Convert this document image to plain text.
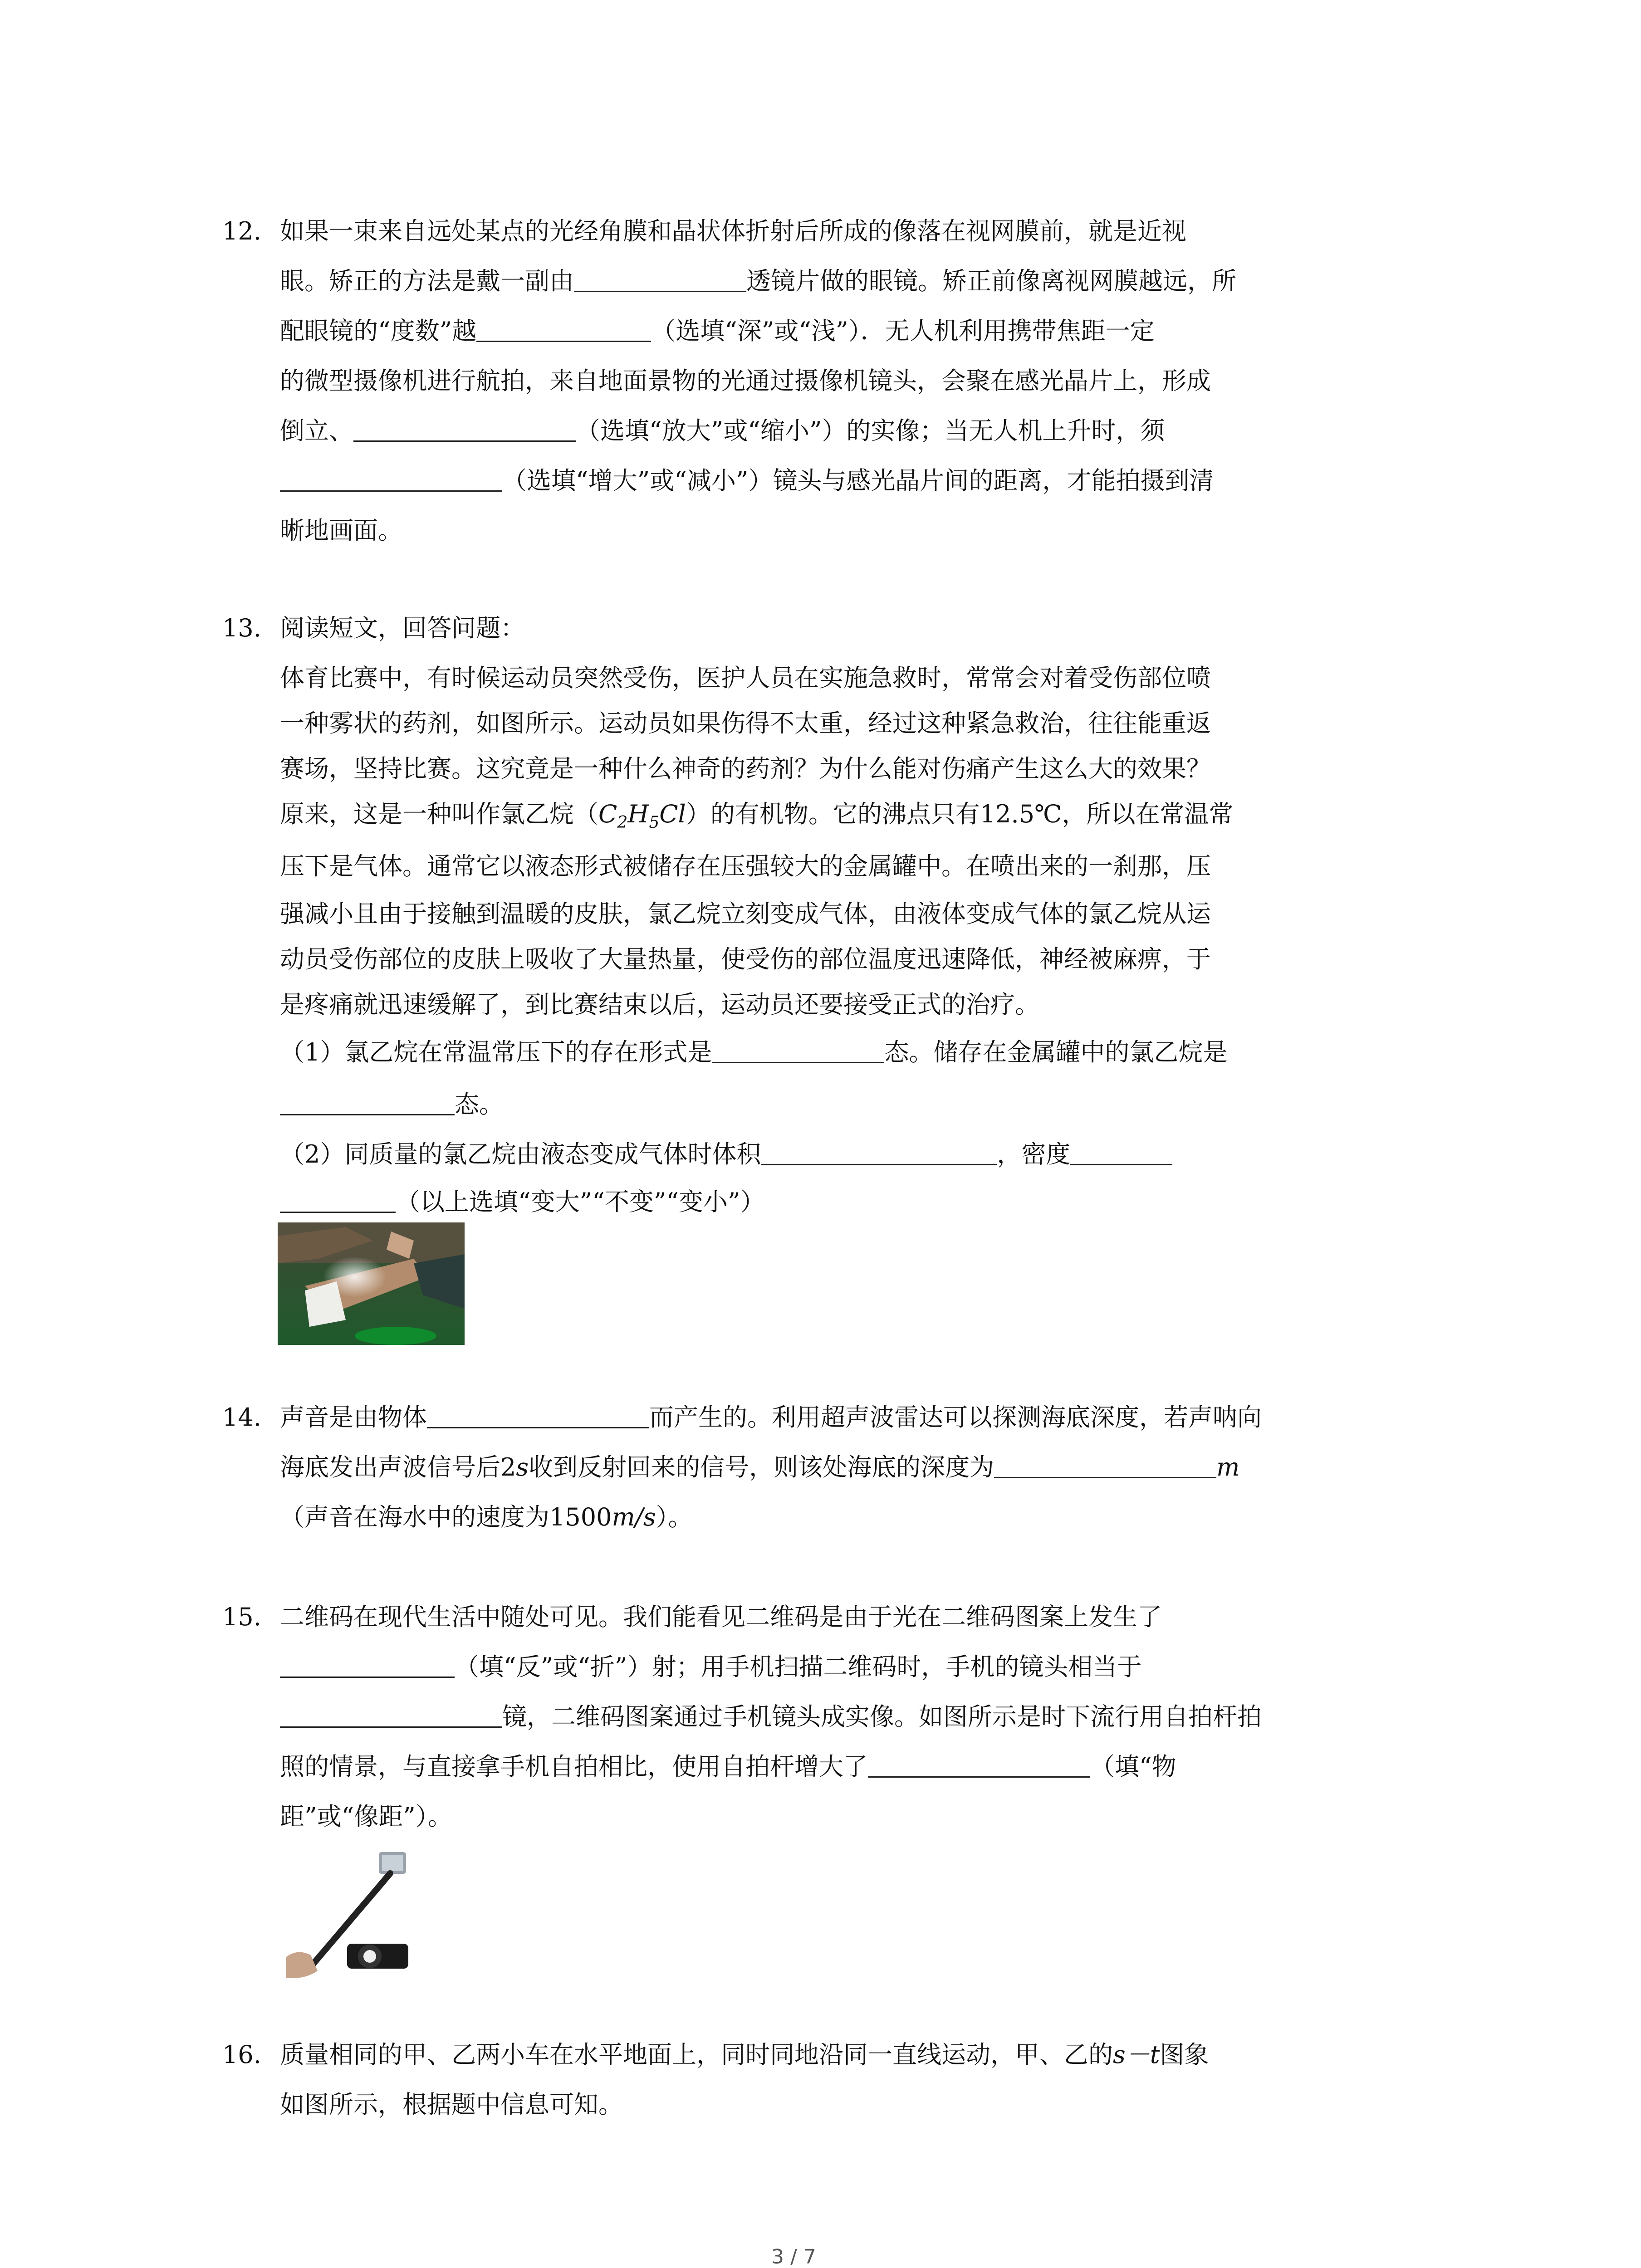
12. 如果一束来自远处某点的光经角膜和晶状体折射后所成的像落在视网膜前，就是近视
眼。矫正的方法是戴一副由	透镜片做的眼镜。矫正前像离视网膜越远，所
配眼镜的“度数”越	（选填“深”或“浅”）．无人机利用携带焦距一定
的微型摄像机进行航拍，来自地面景物的光通过摄像机镜头，会聚在感光晶片上，形成
倒立、	（选填“放大”或“缩小”）的实像；当无人机上升时，须
（选填“增大”或“减小”）镜头与感光晶片间的距离，才能拍摄到清
晰地画面。
13. 阅读短文，回答问题：
体育比赛中，有时候运动员突然受伤，医护人员在实施急救时，常常会对着受伤部位喷
一种雾状的药剂，如图所示。运动员如果伤得不太重，经过这种紧急救治，往往能重返
赛场，坚持比赛。这究竟是一种什么神奇的药剂？为什么能对伤痛产生这么大的效果？
原来，这是一种叫作氯乙烷$(C_2H_5Cl)$的有机物。它的沸点只有12.5℃，所以在常温常
压下是气体。通常它以液态形式被储存在压强较大的金属罐中。在喷出来的一刹那，压
强减小且由于接触到温暖的皮肤，氯乙烷立刻变成气体，由液体变成气体的氯乙烷从运
动员受伤部位的皮肤上吸收了大量热量，使受伤的部位温度迅速降低，神经被麻痹，于
是疼痛就迅速缓解了，到比赛结束以后，运动员还要接受正式的治疗。
（1）氯乙烷在常温常压下的存在形式是	态。储存在金属罐中的氯乙烷是
态。
（2）同质量的氯乙烷由液态变成气体时体积	，密度
（以上选填“变大”“不变”“变小”）
14. 声音是由物体	而产生的。利用超声波雷达可以探测海底深度，若声呐向
海底发出声波信号后2s收到反射回来的信号，则该处海底的深度为	m
（声音在海水中的速度为1500m/s）。
15. 二维码在现代生活中随处可见。我们能看见二维码是由于光在二维码图案上发生了
（填“反”或“折”）射；用手机扫描二维码时，手机的镜头相当于
镜，二维码图案通过手机镜头成实像。如图所示是时下流行用自拍杆拍
照的情景，与直接拿手机自拍相比，使用自拍杆增大了	（填“物
距”或“像距”）。
16. 质量相同的甲、乙两小车在水平地面上，同时同地沿同一直线运动，甲、乙的s－t图象
如图所示，根据题中信息可知。
3 / 7
